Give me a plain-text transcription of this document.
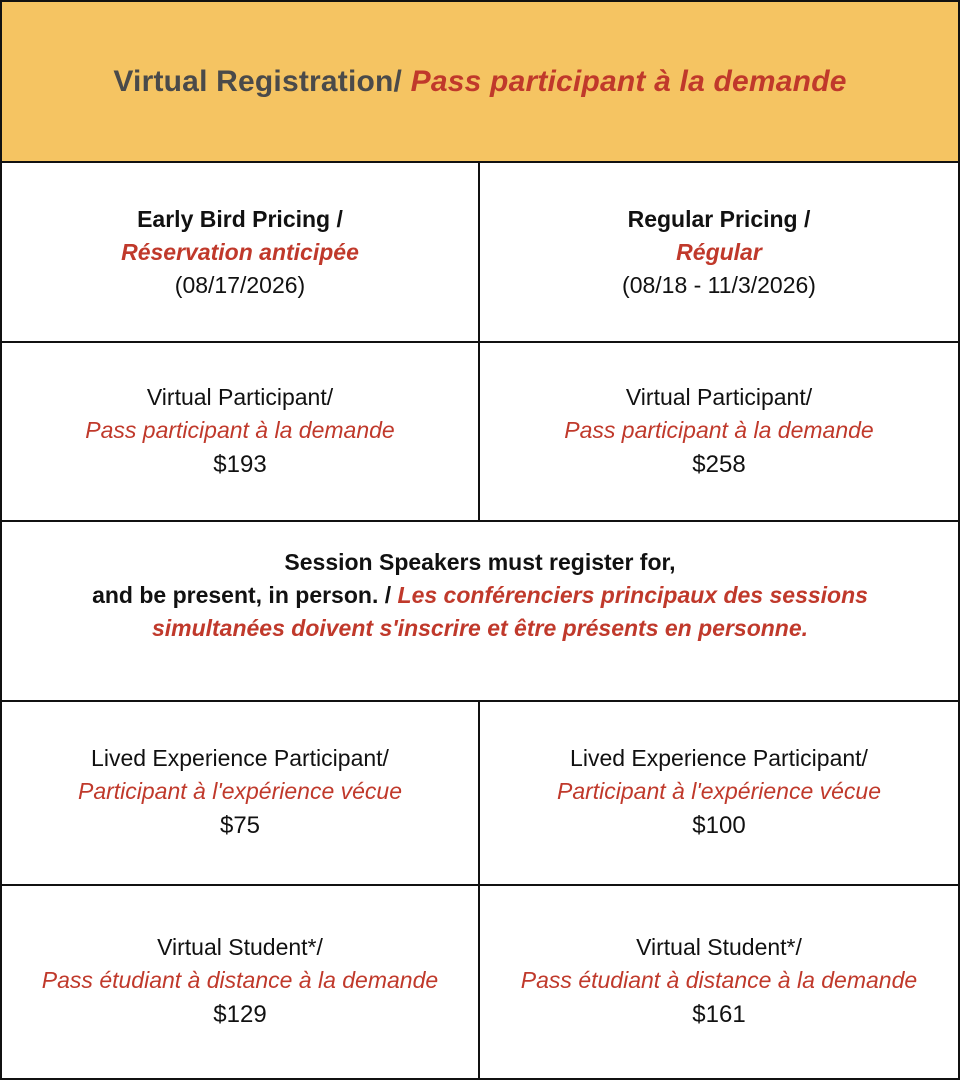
Virtual Registration/ Pass participant à la demande
Early Bird Pricing /
Réservation anticipée
(08/17/2026)
Regular Pricing /
Régular
(08/18 - 11/3/2026)
Virtual Participant/
Pass participant à la demande
$193
Virtual Participant/
Pass participant à la demande
$258
Session Speakers must register for,
and be present, in person. / Les conférenciers principaux des sessions
simultanées doivent s'inscrire et être présents en personne.
Lived Experience Participant/
Participant à l'expérience vécue
$75
Lived Experience Participant/
Participant à l'expérience vécue
$100
Virtual Student*/
Pass étudiant à distance à la demande
$129
Virtual Student*/
Pass étudiant à distance à la demande
$161
